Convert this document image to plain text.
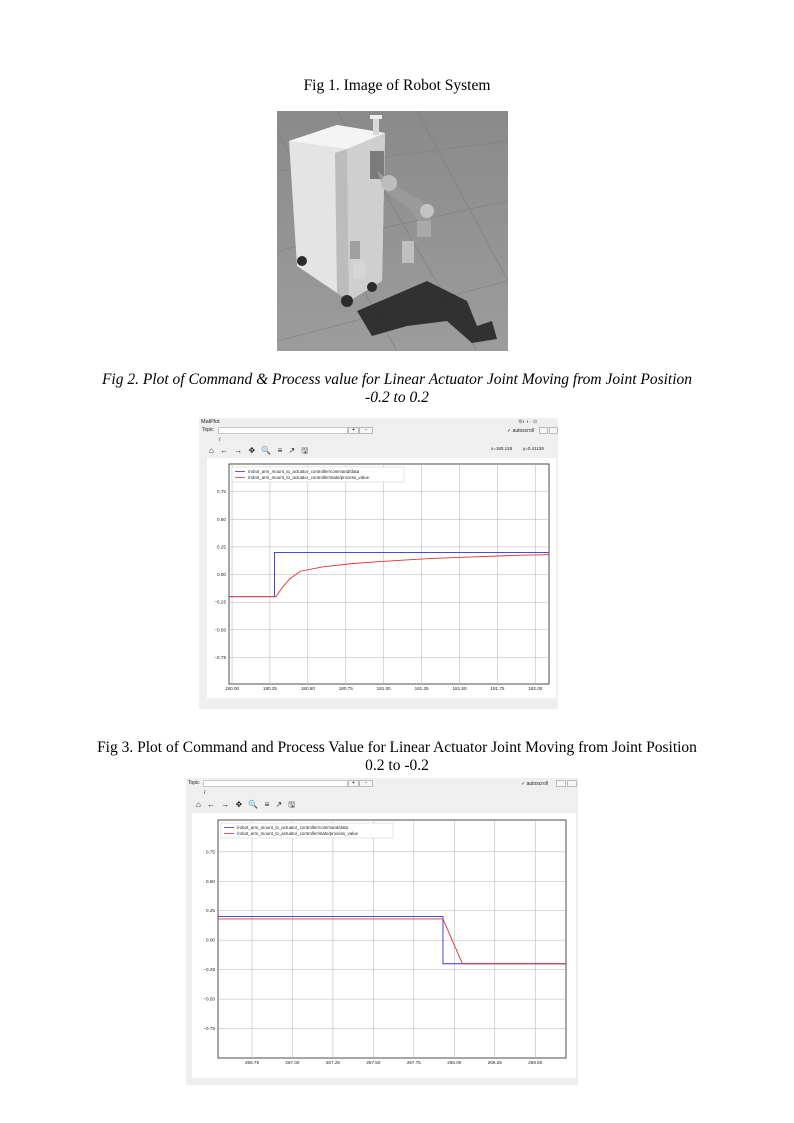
Fig 1. Image of Robot System
Fig 2. Plot of Command & Process value for Linear Actuator Joint Moving from Joint Position
-0.2 to 0.2
MatPlot	⚙◐◑ · ⊙
Topic
/
+	−	✓ autoscroll
⌂ ← → ✥ 🔍 ≡ ↗ 🖫	x=180.128 y=0.41128
180.00	180.25	180.50	180.75	181.00	181.25	181.50	181.75	182.00
0.75
0.50
0.25
0.00
−0.25
−0.50
−0.75
/robot_arm_mount_to_actuator_controller/command/data
/robot_arm_mount_to_actuator_controller/state/process_value
Fig 3. Plot of Command and Process Value for Linear Actuator Joint Moving from Joint Position
0.2 to -0.2
Topic
/
+	−	✓ autoscroll
⌂ ← → ✥ 🔍 ≡ ↗ 🖫
266.75	267.00	267.25	267.50	267.75	268.00	268.25	268.50
0.75
0.50
0.25
0.00
−0.25
−0.50
−0.75
/robot_arm_mount_to_actuator_controller/command/data
/robot_arm_mount_to_actuator_controller/state/process_value
